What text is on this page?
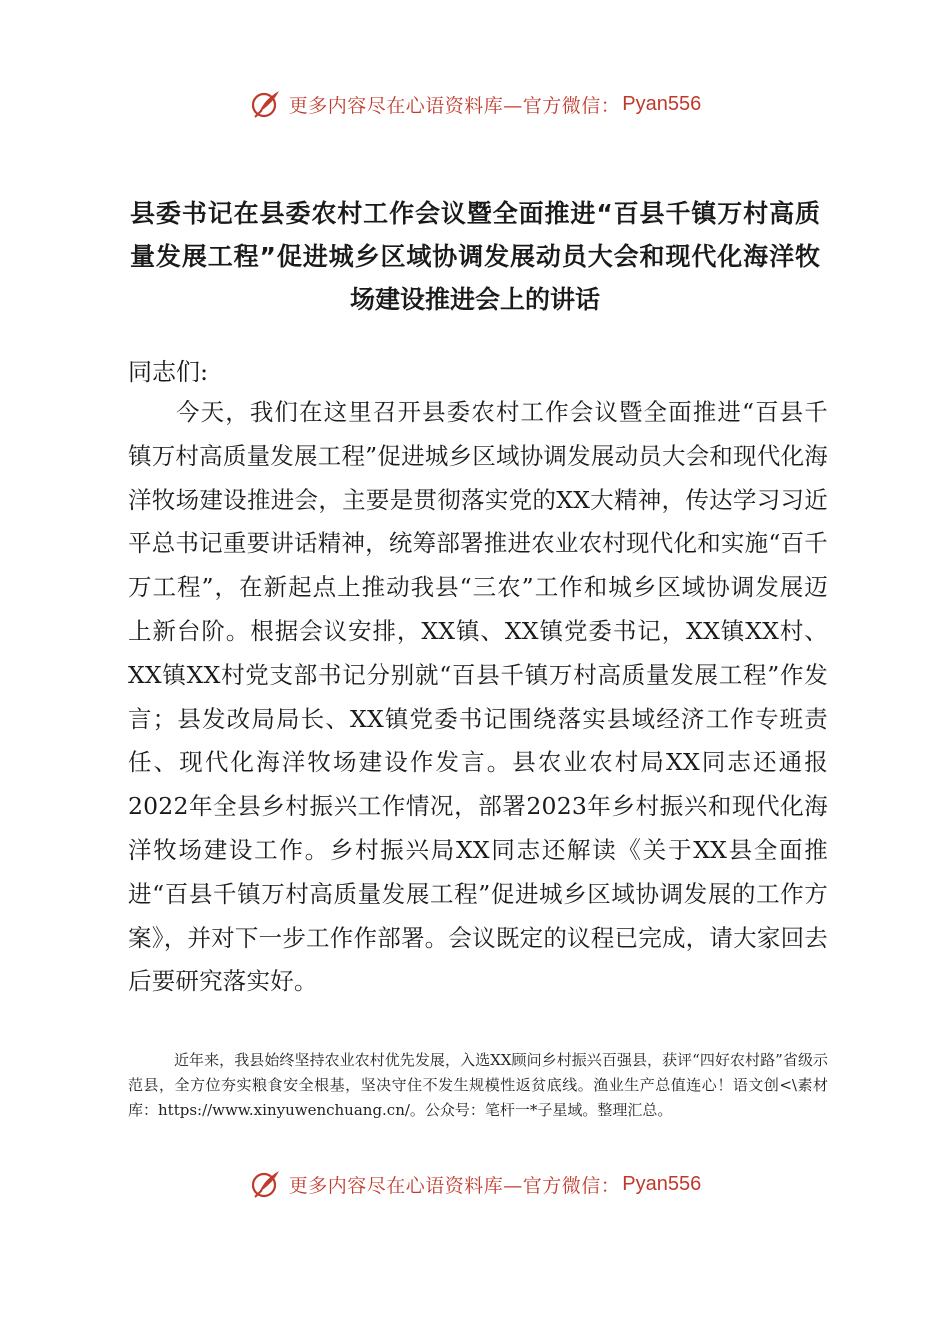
更多内容尽在心语资料库—官方微信： Pyan556
县委书记在县委农村工作会议暨全面推进“百县千镇万村高质
量发展工程”促进城乡区域协调发展动员大会和现代化海洋牧
场建设推进会上的讲话
同志们:

今天，我们在这里召开县委农村工作会议暨全面推进“百县千镇万村高质量发展工程”促进城乡区域协调发展动员大会和现代化海洋牧场建设推进会，主要是贯彻落实党的XX大精神，传达学习习近平总书记重要讲话精神，统筹部署推进农业农村现代化和实施“百千万工程”，在新起点上推动我县“三农”工作和城乡区域协调发展迈上新台阶。根据会议安排，XX镇、XX镇党委书记，XX镇XX村、XX镇XX村党支部书记分别就“百县千镇万村高质量发展工程”作发言；县发改局局长、XX镇党委书记围绕落实县域经济工作专班责任、现代化海洋牧场建设作发言。县农业农村局XX同志还通报2022年全县乡村振兴工作情况，部署2023年乡村振兴和现代化海洋牧场建设工作。乡村振兴局XX同志还解读《关于XX县全面推进“百县千镇万村高质量发展工程”促进城乡区域协调发展的工作方案》，并对下一步工作作部署。会议既定的议程已完成，请大家回去后要研究落实好。

近年来，我县始终坚持农业农村优先发展，入选XX顾问乡村振兴百强县，获评“四好农村路”省级示范县，全方位夯实粮食安全根基，坚决守住不发生规模性返贫底线。渔业生产总值连心！语文创<\素材库：https://www.xinyuwenchuang.cn/。公众号：笔杆一*子星域。整理汇总。

更多内容尽在心语资料库—官方微信： Pyan556
